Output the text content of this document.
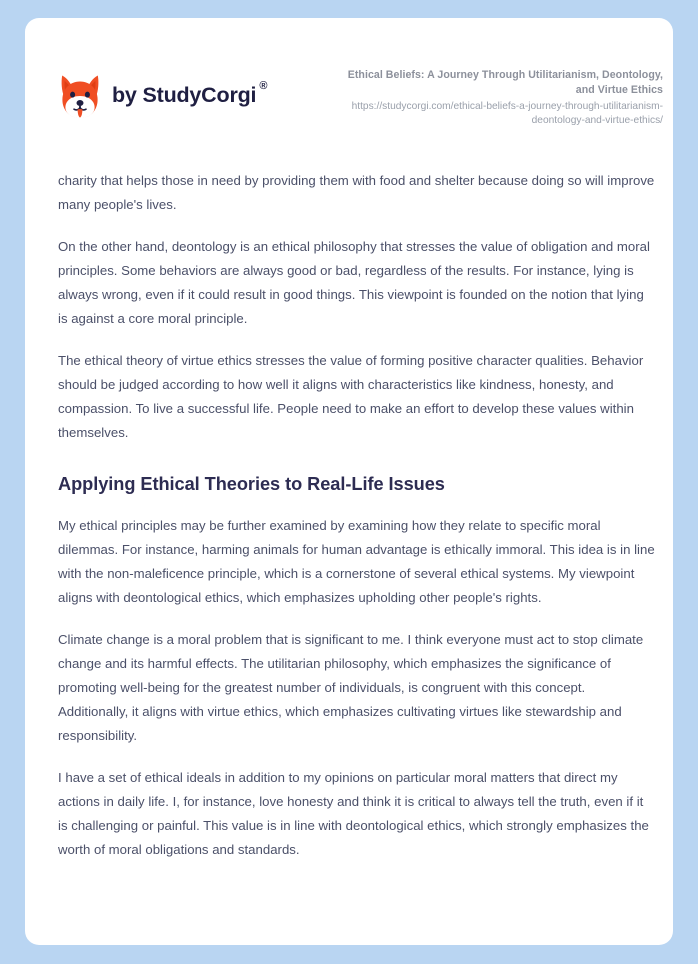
by StudyCorgi ®

Ethical Beliefs: A Journey Through Utilitarianism, Deontology, and Virtue Ethics

https://studycorgi.com/ethical-beliefs-a-journey-through-utilitarianism-deontology-and-virtue-ethics/

charity that helps those in need by providing them with food and shelter because doing so will improve many people's lives.

On the other hand, deontology is an ethical philosophy that stresses the value of obligation and moral principles. Some behaviors are always good or bad, regardless of the results. For instance, lying is always wrong, even if it could result in good things. This viewpoint is founded on the notion that lying is against a core moral principle.

The ethical theory of virtue ethics stresses the value of forming positive character qualities. Behavior should be judged according to how well it aligns with characteristics like kindness, honesty, and compassion. To live a successful life. People need to make an effort to develop these values within themselves.

Applying Ethical Theories to Real-Life Issues

My ethical principles may be further examined by examining how they relate to specific moral dilemmas. For instance, harming animals for human advantage is ethically immoral. This idea is in line with the non-maleficence principle, which is a cornerstone of several ethical systems. My viewpoint aligns with deontological ethics, which emphasizes upholding other people's rights.

Climate change is a moral problem that is significant to me. I think everyone must act to stop climate change and its harmful effects. The utilitarian philosophy, which emphasizes the significance of promoting well-being for the greatest number of individuals, is congruent with this concept. Additionally, it aligns with virtue ethics, which emphasizes cultivating virtues like stewardship and responsibility.

I have a set of ethical ideals in addition to my opinions on particular moral matters that direct my actions in daily life. I, for instance, love honesty and think it is critical to always tell the truth, even if it is challenging or painful. This value is in line with deontological ethics, which strongly emphasizes the worth of moral obligations and standards.
